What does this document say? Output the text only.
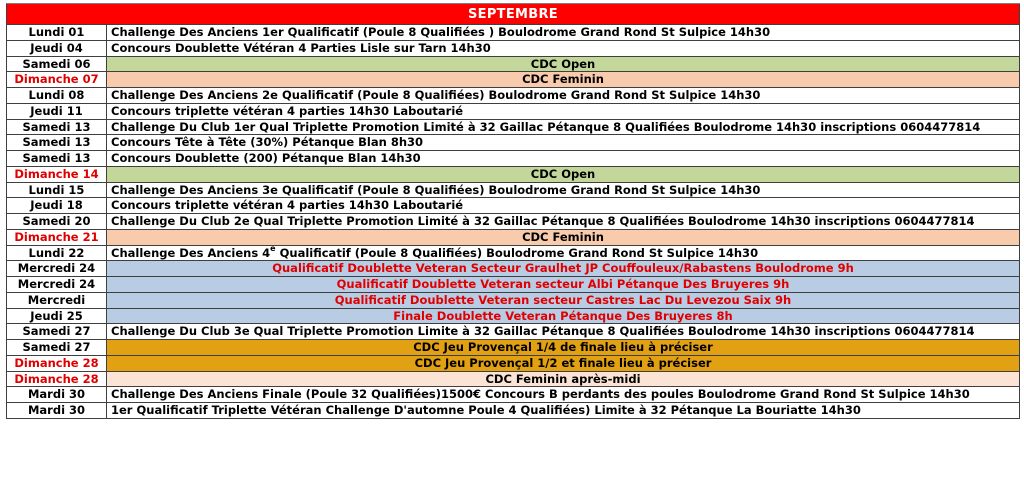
SEPTEMBRE
Lundi 01	Challenge Des Anciens 1er Qualificatif (Poule 8 Qualifiées ) Boulodrome Grand Rond St Sulpice 14h30
Jeudi 04	Concours Doublette Vétéran 4 Parties Lisle sur Tarn 14h30
Samedi 06	CDC Open
Dimanche 07	CDC Feminin
Lundi 08	Challenge Des Anciens 2e Qualificatif (Poule 8 Qualifiées) Boulodrome Grand Rond St Sulpice 14h30
Jeudi 11	Concours triplette vétéran 4 parties 14h30 Laboutarié
Samedi 13	Challenge Du Club 1er Qual Triplette Promotion Limité à 32 Gaillac Pétanque 8 Qualifiées Boulodrome 14h30 inscriptions 0604477814
Samedi 13	Concours Tête à Tête (30%) Pétanque Blan 8h30
Samedi 13	Concours Doublette (200) Pétanque Blan 14h30
Dimanche 14	CDC Open
Lundi 15	Challenge Des Anciens 3e Qualificatif (Poule 8 Qualifiées) Boulodrome Grand Rond St Sulpice 14h30
Jeudi 18	Concours triplette vétéran 4 parties 14h30 Laboutarié
Samedi 20	Challenge Du Club 2e Qual Triplette Promotion Limité à 32 Gaillac Pétanque 8 Qualifiées Boulodrome 14h30 inscriptions 0604477814
Dimanche 21	CDC Feminin
Lundi 22	Challenge Des Anciens 4e Qualificatif (Poule 8 Qualifiées) Boulodrome Grand Rond St Sulpice 14h30
Mercredi 24	Qualificatif Doublette Veteran Secteur Graulhet JP Couffouleux/Rabastens Boulodrome 9h
Mercredi 24	Qualificatif Doublette Veteran secteur Albi Pétanque Des Bruyeres 9h
Mercredi	Qualificatif Doublette Veteran secteur Castres Lac Du Levezou Saix 9h
Jeudi 25	Finale Doublette Veteran Pétanque Des Bruyeres 8h
Samedi 27	Challenge Du Club 3e Qual Triplette Promotion Limite à 32 Gaillac Pétanque 8 Qualifiées Boulodrome 14h30 inscriptions 0604477814
Samedi 27	CDC Jeu Provençal 1/4 de finale lieu à préciser
Dimanche 28	CDC Jeu Provençal 1/2 et finale lieu à préciser
Dimanche 28	CDC Feminin après-midi
Mardi 30	Challenge Des Anciens Finale (Poule 32 Qualifiées)1500€ Concours B perdants des poules Boulodrome Grand Rond St Sulpice 14h30
Mardi 30	1er Qualificatif Triplette Vétéran Challenge D'automne Poule 4 Qualifiées) Limite à 32 Pétanque La Bouriatte 14h30
